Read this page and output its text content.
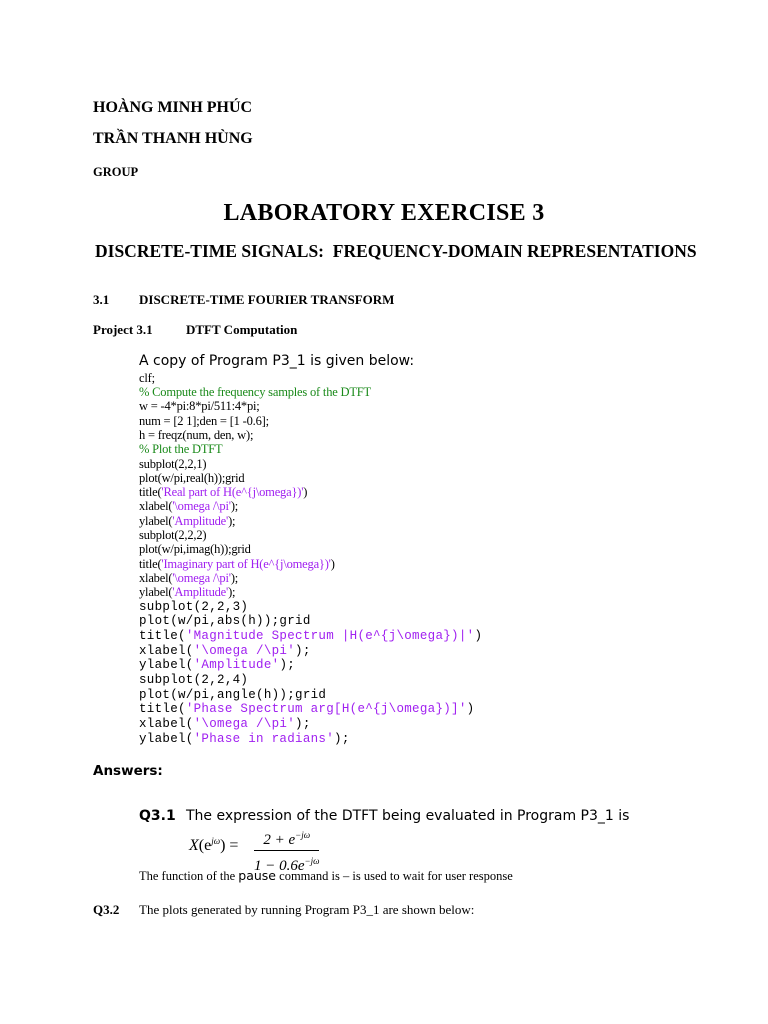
HOÀNG MINH PHÚC
TRẦN THANH HÙNG
GROUP
LABORATORY EXERCISE 3
DISCRETE-TIME SIGNALS:  FREQUENCY-DOMAIN REPRESENTATIONS
3.1 DISCRETE-TIME FOURIER TRANSFORM
Project 3.1	DTFT Computation
A copy of Program P3_1 is given below:
clf;
% Compute the frequency samples of the DTFT
w = -4*pi:8*pi/511:4*pi;
num = [2 1];den = [1 -0.6];
h = freqz(num, den, w);
% Plot the DTFT
subplot(2,2,1)
plot(w/pi,real(h));grid
title('Real part of H(e^{j\omega})')
xlabel('\omega /\pi');
ylabel('Amplitude');
subplot(2,2,2)
plot(w/pi,imag(h));grid
title('Imaginary part of H(e^{j\omega})')
xlabel('\omega /\pi');
ylabel('Amplitude');
subplot(2,2,3)
plot(w/pi,abs(h));grid
title('Magnitude Spectrum |H(e^{j\omega})|')
xlabel('\omega /\pi');
ylabel('Amplitude');
subplot(2,2,4)
plot(w/pi,angle(h));grid
title('Phase Spectrum arg[H(e^{j\omega})]')
xlabel('\omega /\pi');
ylabel('Phase in radians');
Answers:
Q3.1 The expression of the DTFT being evaluated in Program P3_1 is
$X(e^{j\omega}) = 2 + e^{-j\omega}$
$1 - 0.6e^{-j\omega}$
The function of the pause command is – is used to wait for user response
Q3.2 The plots generated by running Program P3_1 are shown below:
